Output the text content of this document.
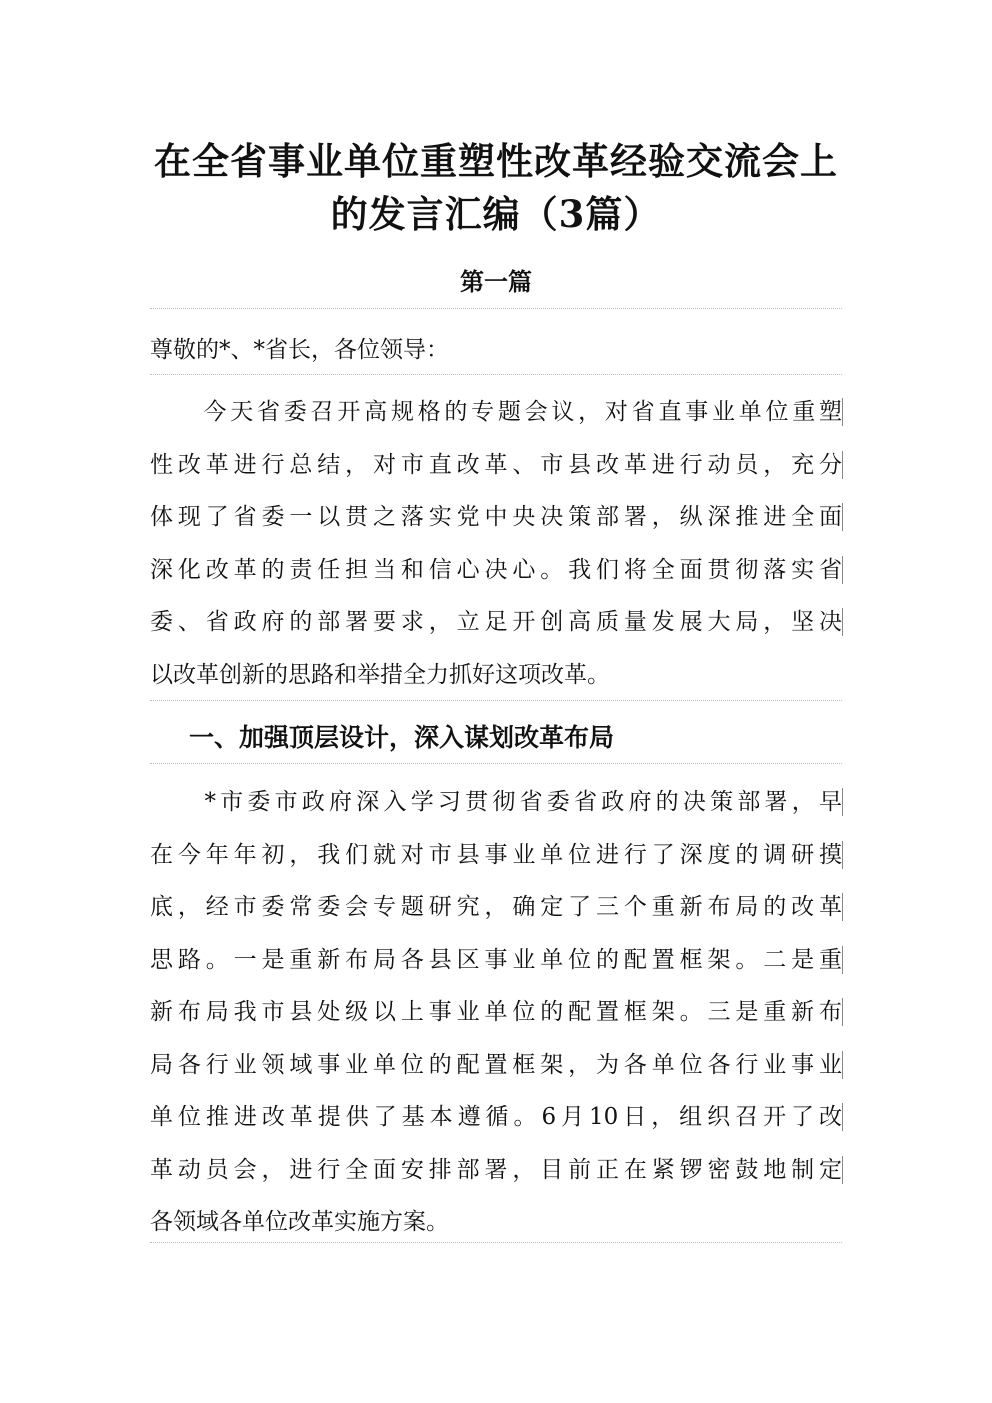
在全省事业单位重塑性改革经验交流会上
的发言汇编（3篇）
第一篇
尊敬的*、*省长，各位领导：
　　今天省委召开高规格的专题会议，对省直事业单位重塑
性改革进行总结，对市直改革、市县改革进行动员，充分
体现了省委一以贯之落实党中央决策部署，纵深推进全面
深化改革的责任担当和信心决心。我们将全面贯彻落实省
委、省政府的部署要求，立足开创高质量发展大局，坚决
以改革创新的思路和举措全力抓好这项改革。
一、加强顶层设计，深入谋划改革布局
　　*市委市政府深入学习贯彻省委省政府的决策部署，早
在今年年初，我们就对市县事业单位进行了深度的调研摸
底，经市委常委会专题研究，确定了三个重新布局的改革
思路。一是重新布局各县区事业单位的配置框架。二是重
新布局我市县处级以上事业单位的配置框架。三是重新布
局各行业领域事业单位的配置框架，为各单位各行业事业
单位推进改革提供了基本遵循。6月10日，组织召开了改
革动员会，进行全面安排部署，目前正在紧锣密鼓地制定
各领域各单位改革实施方案。
